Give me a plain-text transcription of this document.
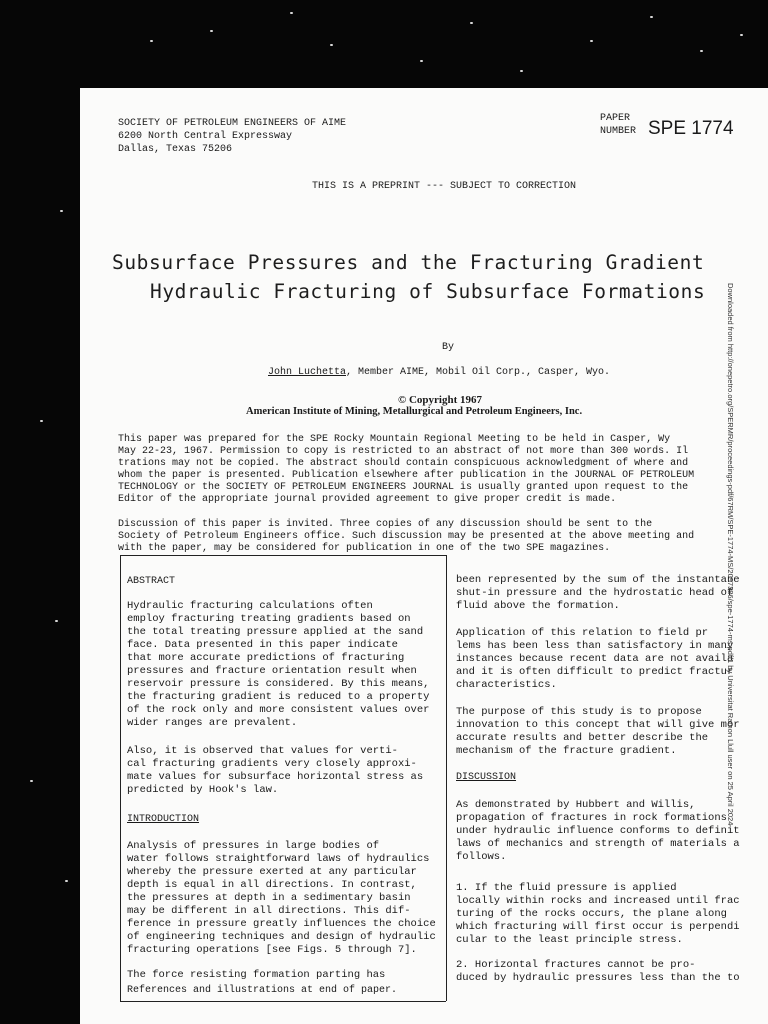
SOCIETY OF PETROLEUM ENGINEERS OF AIME
6200 North Central Expressway
Dallas, Texas 75206
PAPER
NUMBER SPE 1774
THIS IS A PREPRINT --- SUBJECT TO CORRECTION
Subsurface Pressures and the Fracturing Gradient
Hydraulic Fracturing of Subsurface Formations
By
John Luchetta, Member AIME, Mobil Oil Corp., Casper, Wyo.
© Copyright 1967
American Institute of Mining, Metallurgical and Petroleum Engineers, Inc.
This paper was prepared for the SPE Rocky Mountain Regional Meeting to be held in Casper, Wy
May 22-23, 1967. Permission to copy is restricted to an abstract of not more than 300 words. Il
trations may not be copied. The abstract should contain conspicuous acknowledgment of where and
whom the paper is presented. Publication elsewhere after publication in the JOURNAL OF PETROLEUM
TECHNOLOGY or the SOCIETY OF PETROLEUM ENGINEERS JOURNAL is usually granted upon request to the
Editor of the appropriate journal provided agreement to give proper credit is made.
Discussion of this paper is invited. Three copies of any discussion should be sent to the
Society of Petroleum Engineers office. Such discussion may be presented at the above meeting and
with the paper, may be considered for publication in one of the two SPE magazines.
ABSTRACT
Hydraulic fracturing calculations often
employ fracturing treating gradients based on
the total treating pressure applied at the sand
face. Data presented in this paper indicate
that more accurate predictions of fracturing
pressures and fracture orientation result when
reservoir pressure is considered. By this means,
the fracturing gradient is reduced to a property
of the rock only and more consistent values over
wider ranges are prevalent.
Also, it is observed that values for verti-
cal fracturing gradients very closely approxi-
mate values for subsurface horizontal stress as
predicted by Hook's law.
INTRODUCTION
Analysis of pressures in large bodies of
water follows straightforward laws of hydraulics
whereby the pressure exerted at any particular
depth is equal in all directions. In contrast,
the pressures at depth in a sedimentary basin
may be different in all directions. This dif-
ference in pressure greatly influences the choice
of engineering techniques and design of hydraulic
fracturing operations [see Figs. 5 through 7].
The force resisting formation parting has
References and illustrations at end of paper.
been represented by the sum of the instantane
shut-in pressure and the hydrostatic head of
fluid above the formation.
Application of this relation to field pr
lems has been less than satisfactory in many
instances because recent data are not availa
and it is often difficult to predict fractur
characteristics.
The purpose of this study is to propose
innovation to this concept that will give mor
accurate results and better describe the
mechanism of the fracture gradient.
DISCUSSION
As demonstrated by Hubbert and Willis,
propagation of fractures in rock formations
under hydraulic influence conforms to definit
laws of mechanics and strength of materials a
follows.
1. If the fluid pressure is applied
locally within rocks and increased until frac
turing of the rocks occurs, the plane along
which fracturing will first occur is perpendi
cular to the least principle stress.
2. Horizontal fractures cannot be pro-
duced by hydraulic pressures less than the to
Downloaded from http://onepetro.org/SPERMR/proceedings-pdf/67RM/SPE-1774-MS/2097386/spe-1774-ms.pdf/1 by Universitat Ramon Llull user on 25 April 2024
